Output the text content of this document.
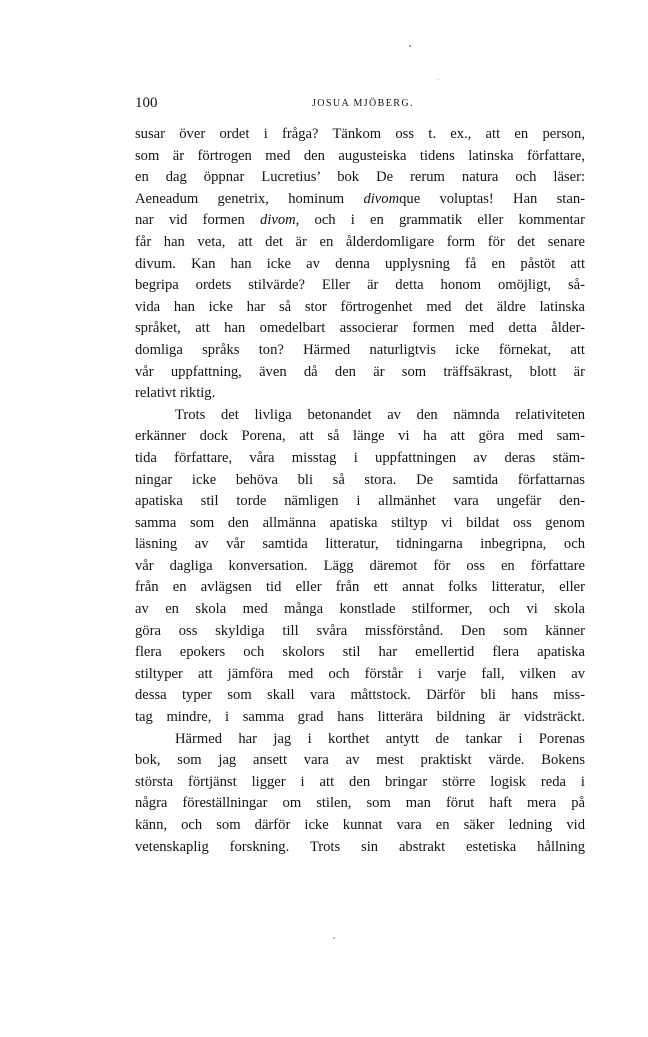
100	JOSUA MJÖBERG.
susar över ordet i fråga? Tänkom oss t. ex., att en person,
som är förtrogen med den augusteiska tidens latinska författare,
en dag öppnar Lucretius’ bok De rerum natura och läser:
Aeneadum genetrix, hominum divomque voluptas! Han stan-
nar vid formen divom, och i en grammatik eller kommentar
får han veta, att det är en ålderdomligare form för det senare
divum. Kan han icke av denna upplysning få en påstöt att
begripa ordets stilvärde? Eller är detta honom omöjligt, så-
vida han icke har så stor förtrogenhet med det äldre latinska
språket, att han omedelbart associerar formen med detta ålder-
domliga språks ton? Härmed naturligtvis icke förnekat, att
vår uppfattning, även då den är som träffsäkrast, blott är
relativt riktig.
Trots det livliga betonandet av den nämnda relativiteten
erkänner dock Porena, att så länge vi ha att göra med sam-
tida författare, våra misstag i uppfattningen av deras stäm-
ningar icke behöva bli så stora. De samtida författarnas
apatiska stil torde nämligen i allmänhet vara ungefär den-
samma som den allmänna apatiska stiltyp vi bildat oss genom
läsning av vår samtida litteratur, tidningarna inbegripna, och
vår dagliga konversation. Lägg däremot för oss en författare
från en avlägsen tid eller från ett annat folks litteratur, eller
av en skola med många konstlade stilformer, och vi skola
göra oss skyldiga till svåra missförstånd. Den som känner
flera epokers och skolors stil har emellertid flera apatiska
stiltyper att jämföra med och förstår i varje fall, vilken av
dessa typer som skall vara måttstock. Därför bli hans miss-
tag mindre, i samma grad hans litterära bildning är vidsträckt.
Härmed har jag i korthet antytt de tankar i Porenas
bok, som jag ansett vara av mest praktiskt värde. Bokens
största förtjänst ligger i att den bringar större logisk reda i
några föreställningar om stilen, som man förut haft mera på
känn, och som därför icke kunnat vara en säker ledning vid
vetenskaplig forskning. Trots sin abstrakt estetiska hållning
